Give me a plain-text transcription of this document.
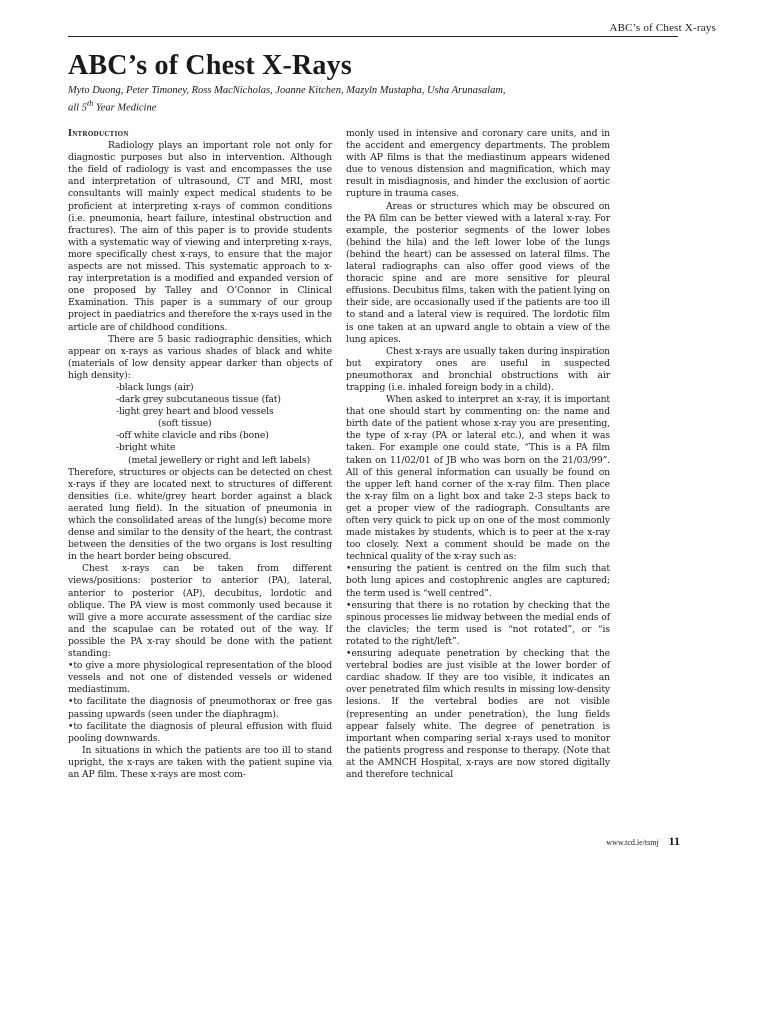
ABC’s of Chest X-rays
ABC’s of Chest X-Rays
Myto Duong, Peter Timoney, Ross MacNicholas, Joanne Kitchen, Mazyln Mustapha, Usha Arunasalam,
all 5th Year Medicine
Introduction

Radiology plays an important role not only for diagnostic purposes but also in intervention. Although the field of radiology is vast and encompasses the use and interpretation of ultrasound, CT and MRI, most consultants will mainly expect medical students to be proficient at interpreting x-rays of common conditions (i.e. pneumonia, heart failure, intestinal obstruction and fractures). The aim of this paper is to provide students with a systematic way of viewing and interpreting x-rays, more specifically chest x-rays, to ensure that the major aspects are not missed. This systematic approach to x-ray interpretation is a modified and expanded version of one proposed by Talley and O’Connor in Clinical Examination. This paper is a summary of our group project in paediatrics and therefore the x-rays used in the article are of childhood conditions.

There are 5 basic radiographic densities, which appear on x-rays as various shades of black and white (materials of low density appear darker than objects of high density):

-black lungs (air)
-dark grey subcutaneous tissue (fat)
-light grey heart and blood vessels
(soft tissue)
-off white clavicle and ribs (bone)
-bright white
(metal jewellery or right and left labels)

Therefore, structures or objects can be detected on chest x-rays if they are located next to structures of different densities (i.e. white/grey heart border against a black aerated lung field). In the situation of pneumonia in which the consolidated areas of the lung(s) become more dense and similar to the density of the heart, the contrast between the densities of the two organs is lost resulting in the heart border being obscured.

Chest x-rays can be taken from different views/positions: posterior to anterior (PA), lateral, anterior to posterior (AP), decubitus, lordotic and oblique. The PA view is most commonly used because it will give a more accurate assessment of the cardiac size and the scapulae can be rotated out of the way. If possible the PA x-ray should be done with the patient standing:

• to give a more physiological representation of the blood vessels and not one of distended vessels or widened mediastinum.
• to facilitate the diagnosis of pneumothorax or free gas passing upwards (seen under the diaphragm).
• to facilitate the diagnosis of pleural effusion with fluid pooling downwards.

In situations in which the patients are too ill to stand upright, the x-rays are taken with the patient supine via an AP film. These x-rays are most com-

monly used in intensive and coronary care units, and in the accident and emergency departments. The problem with AP films is that the mediastinum appears widened due to venous distension and magnification, which may result in misdiagnosis, and hinder the exclusion of aortic rupture in trauma cases.

Areas or structures which may be obscured on the PA film can be better viewed with a lateral x-ray. For example, the posterior segments of the lower lobes (behind the hila) and the left lower lobe of the lungs (behind the heart) can be assessed on lateral films. The lateral radiographs can also offer good views of the thoracic spine and are more sensitive for pleural effusions. Decubitus films, taken with the patient lying on their side, are occasionally used if the patients are too ill to stand and a lateral view is required. The lordotic film is one taken at an upward angle to obtain a view of the lung apices.

Chest x-rays are usually taken during inspiration but expiratory ones are useful in suspected pneumothorax and bronchial obstructions with air trapping (i.e. inhaled foreign body in a child).

When asked to interpret an x-ray, it is important that one should start by commenting on: the name and birth date of the patient whose x-ray you are presenting, the type of x-ray (PA or lateral etc.), and when it was taken. For example one could state, “This is a PA film taken on 11/02/01 of JB who was born on the 21/03/99”. All of this general information can usually be found on the upper left hand corner of the x-ray film. Then place the x-ray film on a light box and take 2-3 steps back to get a proper view of the radiograph. Consultants are often very quick to pick up on one of the most commonly made mistakes by students, which is to peer at the x-ray too closely. Next a comment should be made on the technical quality of the x-ray such as:

• ensuring the patient is centred on the film such that both lung apices and costophrenic angles are captured; the term used is “well centred”.
• ensuring that there is no rotation by checking that the spinous processes lie midway between the medial ends of the clavicles; the term used is “not rotated”, or “is rotated to the right/left”.
• ensuring adequate penetration by checking that the vertebral bodies are just visible at the lower border of cardiac shadow. If they are too visible, it indicates an over penetrated film which results in missing low-density lesions. If the vertebral bodies are not visible (representing an under penetration), the lung fields appear falsely white. The degree of penetration is important when comparing serial x-rays used to monitor the patients progress and response to therapy. (Note that at the AMNCH Hospital, x-rays are now stored digitally and therefore technical
www.tcd.ie/tsmj 11
